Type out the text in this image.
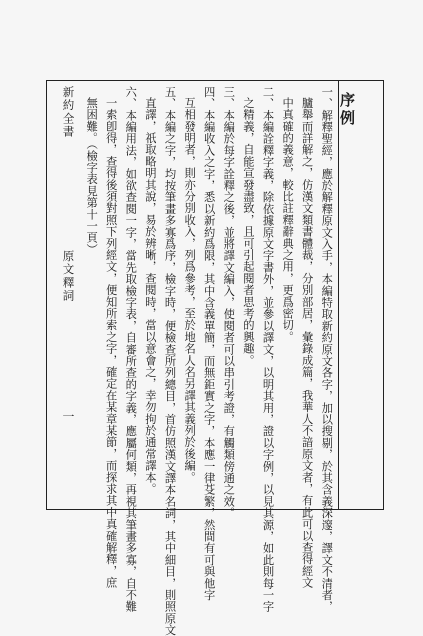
新約全書
原文釋詞
一
序例
一、解釋聖經，應於解釋原文入手，本編特取新約原文各字，加以搜剔，於其含義深邃，譯文不清者，
臚舉而詳解之，仿漢文類書體裁，分別部居，彙錄成篇，我華人不諳原文者，有此可以查得經文
中真確的義意，較比註釋辭典之用，更爲密切。
二、本編詮釋字義，除依據原文字書外，並參以譯文，以明其用，證以字例，以見其源，如此則每一字
之精義，自能宣發盡致，且可引起閱者思考的興趣。
三、本編於每字詮釋之後，並將譯文編入，使閱者可以串引考證，有觸類傍通之效。
四、本編收入之字，悉以新約爲限，其中含義單簡，而無鉅實之字，本應一律芟繁，然間有可與他字
互相發明者，則亦分別收入，列爲參考，至於地名人名另譯其義列於後編。
五、本編之字，均按筆畫多寡爲序，檢字時，便檢查所列總目，首仿照漢文譯本名詞，其中細目，則照原文
直譯，祇取略明其說，易於辨晰，查閱時，當以意會之，幸勿拘於通常譯本。
六、本編用法，如欲查閱一字，當先取檢字表，自審所查的字義，應屬何類，再視其筆畫多寡，自不難
一索卽得，查得後須對照下列經文，便知所索之字，確定在某章某節，而探求其中真確解釋，庶
無困難。（檢字表見第十一頁）
